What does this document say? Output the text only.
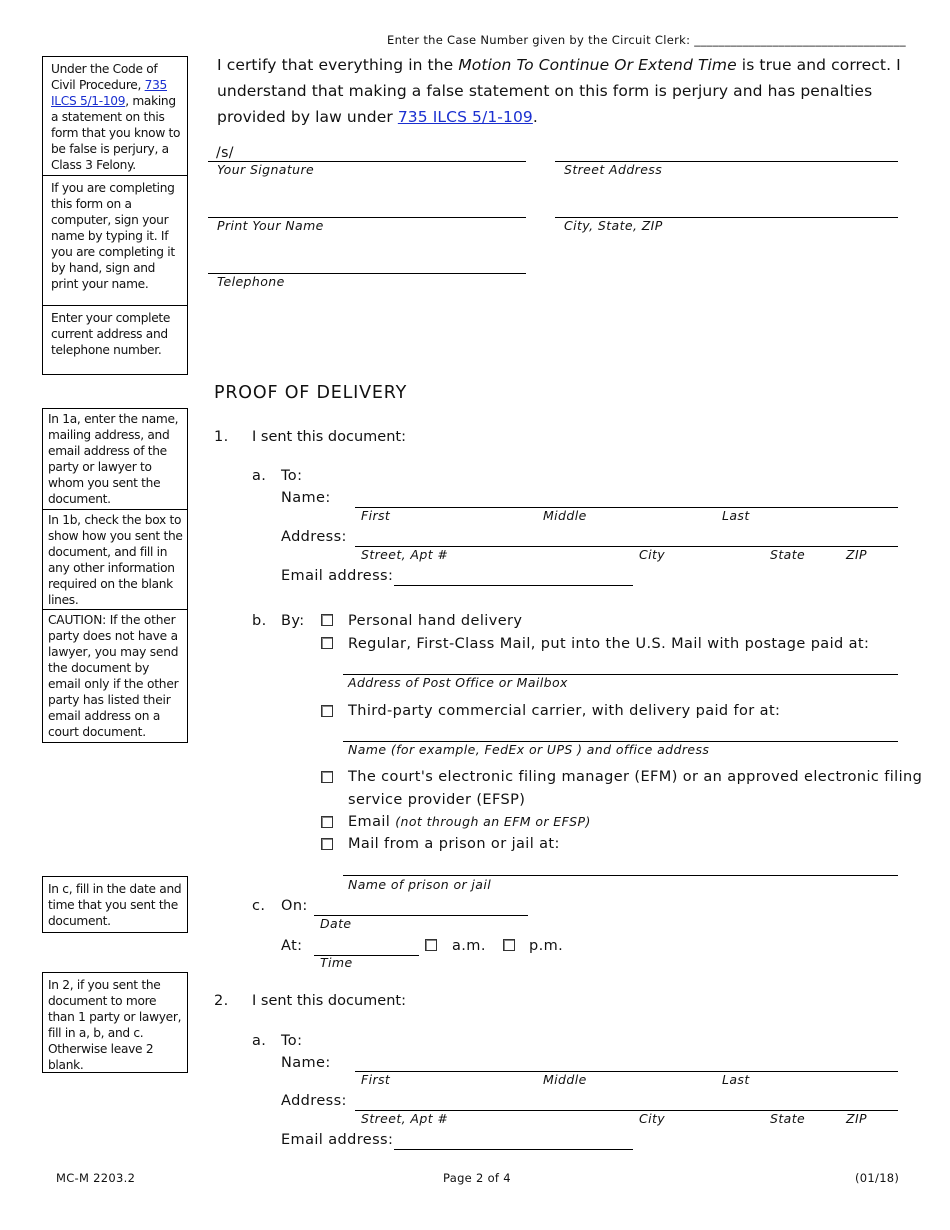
Enter the Case Number given by the Circuit Clerk: ___________________________________
Under the Code of Civil Procedure, 735 ILCS 5/1-109, making a statement on this form that you know to be false is perjury, a Class 3 Felony.
If you are completing this form on a computer, sign your name by typing it. If you are completing it by hand, sign and print your name.
Enter your complete current address and telephone number.
In 1a, enter the name, mailing address, and email address of the party or lawyer to whom you sent the document.
In 1b, check the box to show how you sent the document, and fill in any other information required on the blank lines.
CAUTION: If the other party does not have a lawyer, you may send the document by email only if the other party has listed their email address on a court document.
In c, fill in the date and time that you sent the document.
In 2, if you sent the document to more than 1 party or lawyer, fill in a, b, and c. Otherwise leave 2 blank.
I certify that everything in the Motion To Continue Or Extend Time is true and correct. I understand that making a false statement on this form is perjury and has penalties provided by law under 735 ILCS 5/1-109.
/s/
Your Signature	Street Address
Print Your Name	City, State, ZIP
Telephone
PROOF OF DELIVERY
1. I sent this document:
a. To:
Name:
First	Middle	Last
Address:
Street, Apt #	City	State	ZIP
Email address:
b. By:	Personal hand delivery
Regular, First-Class Mail, put into the U.S. Mail with postage paid at:
Address of Post Office or Mailbox
Third-party commercial carrier, with delivery paid for at:
Name (for example, FedEx or UPS ) and office address
The court's electronic filing manager (EFM) or an approved electronic filing
service provider (EFSP)
Email (not through an EFM or EFSP)
Mail from a prison or jail at:
Name of prison or jail
c. On:
Date
At:	a.m.	p.m.
Time
2. I sent this document:
a. To:
Name:
First	Middle	Last
Address:
Street, Apt #	City	State	ZIP
Email address:
MC-M 2203.2	Page 2 of 4	(01/18)
